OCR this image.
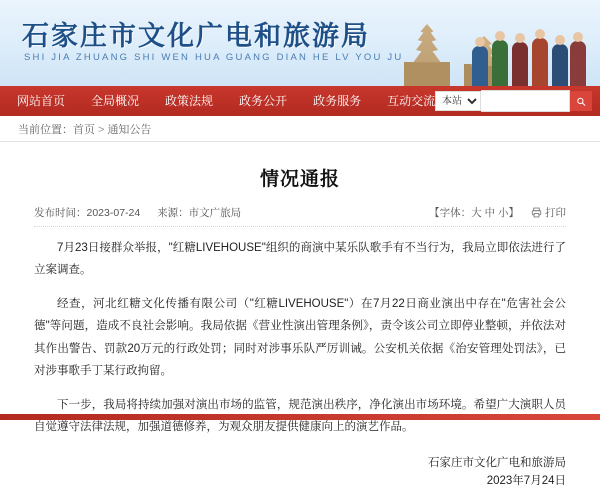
石家庄市文化广电和旅游局
SHI JIA ZHUANG SHI WEN HUA GUANG DIAN HE LV YOU JU
网站首页	全局概况	政策法规	政务公开	政务服务	互动交流
本站
当前位置：首页 > 通知公告
情况通报
发布时间：2023-07-24 来源：市文广旅局	【字体：大 中 小】 打印

7月23日接群众举报，"红糖LIVEHOUSE"组织的商演中某乐队歌手有不当行为，我局立即依法进行了立案调查。

经查，河北红糖文化传播有限公司（"红糖LIVEHOUSE"）在7月22日商业演出中存在"危害社会公德"等问题，造成不良社会影响。我局依据《营业性演出管理条例》，责令该公司立即停业整顿，并依法对其作出警告、罚款20万元的行政处罚；同时对涉事乐队严厉训诫。公安机关依据《治安管理处罚法》，已对涉事歌手丁某行政拘留。

下一步，我局将持续加强对演出市场的监管，规范演出秩序，净化演出市场环境。希望广大演职人员自觉遵守法律法规，加强道德修养，为观众朋友提供健康向上的演艺作品。

石家庄市文化广电和旅游局
2023年7月24日
